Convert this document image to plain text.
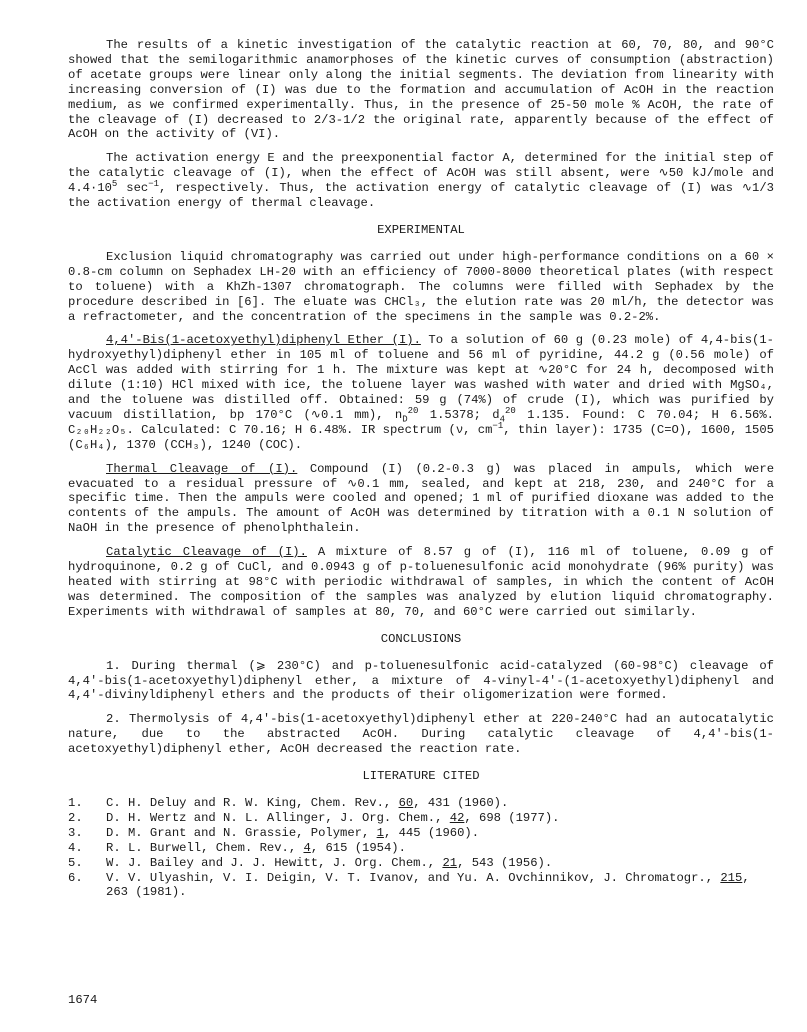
The results of a kinetic investigation of the catalytic reaction at 60, 70, 80, and 90°C showed that the semilogarithmic anamorphoses of the kinetic curves of consumption (abstraction) of acetate groups were linear only along the initial segments. The deviation from linearity with increasing conversion of (I) was due to the formation and accumulation of AcOH in the reaction medium, as we confirmed experimentally. Thus, in the presence of 25-50 mole % AcOH, the rate of the cleavage of (I) decreased to 2/3-1/2 the original rate, apparently because of the effect of AcOH on the activity of (VI).

The activation energy E and the preexponential factor A, determined for the initial step of the catalytic cleavage of (I), when the effect of AcOH was still absent, were ∿50 kJ/mole and $4.4\cdot 10^5$ $\sec^{-1}$, respectively. Thus, the activation energy of catalytic cleavage of (I) was ∿1/3 the activation energy of thermal cleavage.

EXPERIMENTAL

Exclusion liquid chromatography was carried out under high-performance conditions on a 60 × 0.8-cm column on Sephadex LH-20 with an efficiency of 7000-8000 theoretical plates (with respect to toluene) with a KhZh-1307 chromatograph. The columns were filled with Sephadex by the procedure described in [6]. The eluate was CHCl₃, the elution rate was 20 ml/h, the detector was a refractometer, and the concentration of the specimens in the sample was 0.2-2%.

4,4'-Bis(1-acetoxyethyl)diphenyl Ether (I). To a solution of 60 g (0.23 mole) of 4,4-bis(1-hydroxyethyl)diphenyl ether in 105 ml of toluene and 56 ml of pyridine, 44.2 g (0.56 mole) of AcCl was added with stirring for 1 h. The mixture was kept at ∿20°C for 24 h, decomposed with dilute (1:10) HCl mixed with ice, the toluene layer was washed with water and dried with MgSO₄, and the toluene was distilled off. Obtained: 59 g (74%) of crude (I), which was purified by vacuum distillation, bp 170°C (∿0.1 mm), $n_D^{20}$ 1.5378; $d_4^{20}$ 1.135. Found: C 70.04; H 6.56%. C₂₀H₂₂O₅. Calculated: C 70.16; H 6.48%. IR spectrum (ν, $cm^{-1}$, thin layer): 1735 (C=O), 1600, 1505 (C₆H₄), 1370 (CCH₃), 1240 (COC).

Thermal Cleavage of (I). Compound (I) (0.2-0.3 g) was placed in ampuls, which were evacuated to a residual pressure of ∿0.1 mm, sealed, and kept at 218, 230, and 240°C for a specific time. Then the ampuls were cooled and opened; 1 ml of purified dioxane was added to the contents of the ampuls. The amount of AcOH was determined by titration with a 0.1 N solution of NaOH in the presence of phenolphthalein.

Catalytic Cleavage of (I). A mixture of 8.57 g of (I), 116 ml of toluene, 0.09 g of hydroquinone, 0.2 g of CuCl, and 0.0943 g of p-toluenesulfonic acid monohydrate (96% purity) was heated with stirring at 98°C with periodic withdrawal of samples, in which the content of AcOH was determined. The composition of the samples was analyzed by elution liquid chromatography. Experiments with withdrawal of samples at 80, 70, and 60°C were carried out similarly.

CONCLUSIONS

1. During thermal (⩾ 230°C) and p-toluenesulfonic acid-catalyzed (60-98°C) cleavage of 4,4'-bis(1-acetoxyethyl)diphenyl ether, a mixture of 4-vinyl-4'-(1-acetoxyethyl)diphenyl and 4,4'-divinyldiphenyl ethers and the products of their oligomerization were formed.

2. Thermolysis of 4,4'-bis(1-acetoxyethyl)diphenyl ether at 220-240°C had an autocatalytic nature, due to the abstracted AcOH. During catalytic cleavage of 4,4'-bis(1-acetoxyethyl)diphenyl ether, AcOH decreased the reaction rate.

LITERATURE CITED
1.	C. H. Deluy and R. W. King, Chem. Rev., 60, 431 (1960).
2.	D. H. Wertz and N. L. Allinger, J. Org. Chem., 42, 698 (1977).
3.	D. M. Grant and N. Grassie, Polymer, 1, 445 (1960).
4.	R. L. Burwell, Chem. Rev., 4, 615 (1954).
5.	W. J. Bailey and J. J. Hewitt, J. Org. Chem., 21, 543 (1956).
6.	V. V. Ulyashin, V. I. Deigin, V. T. Ivanov, and Yu. A. Ovchinnikov, J. Chromatogr., 215, 263 (1981).
1674
